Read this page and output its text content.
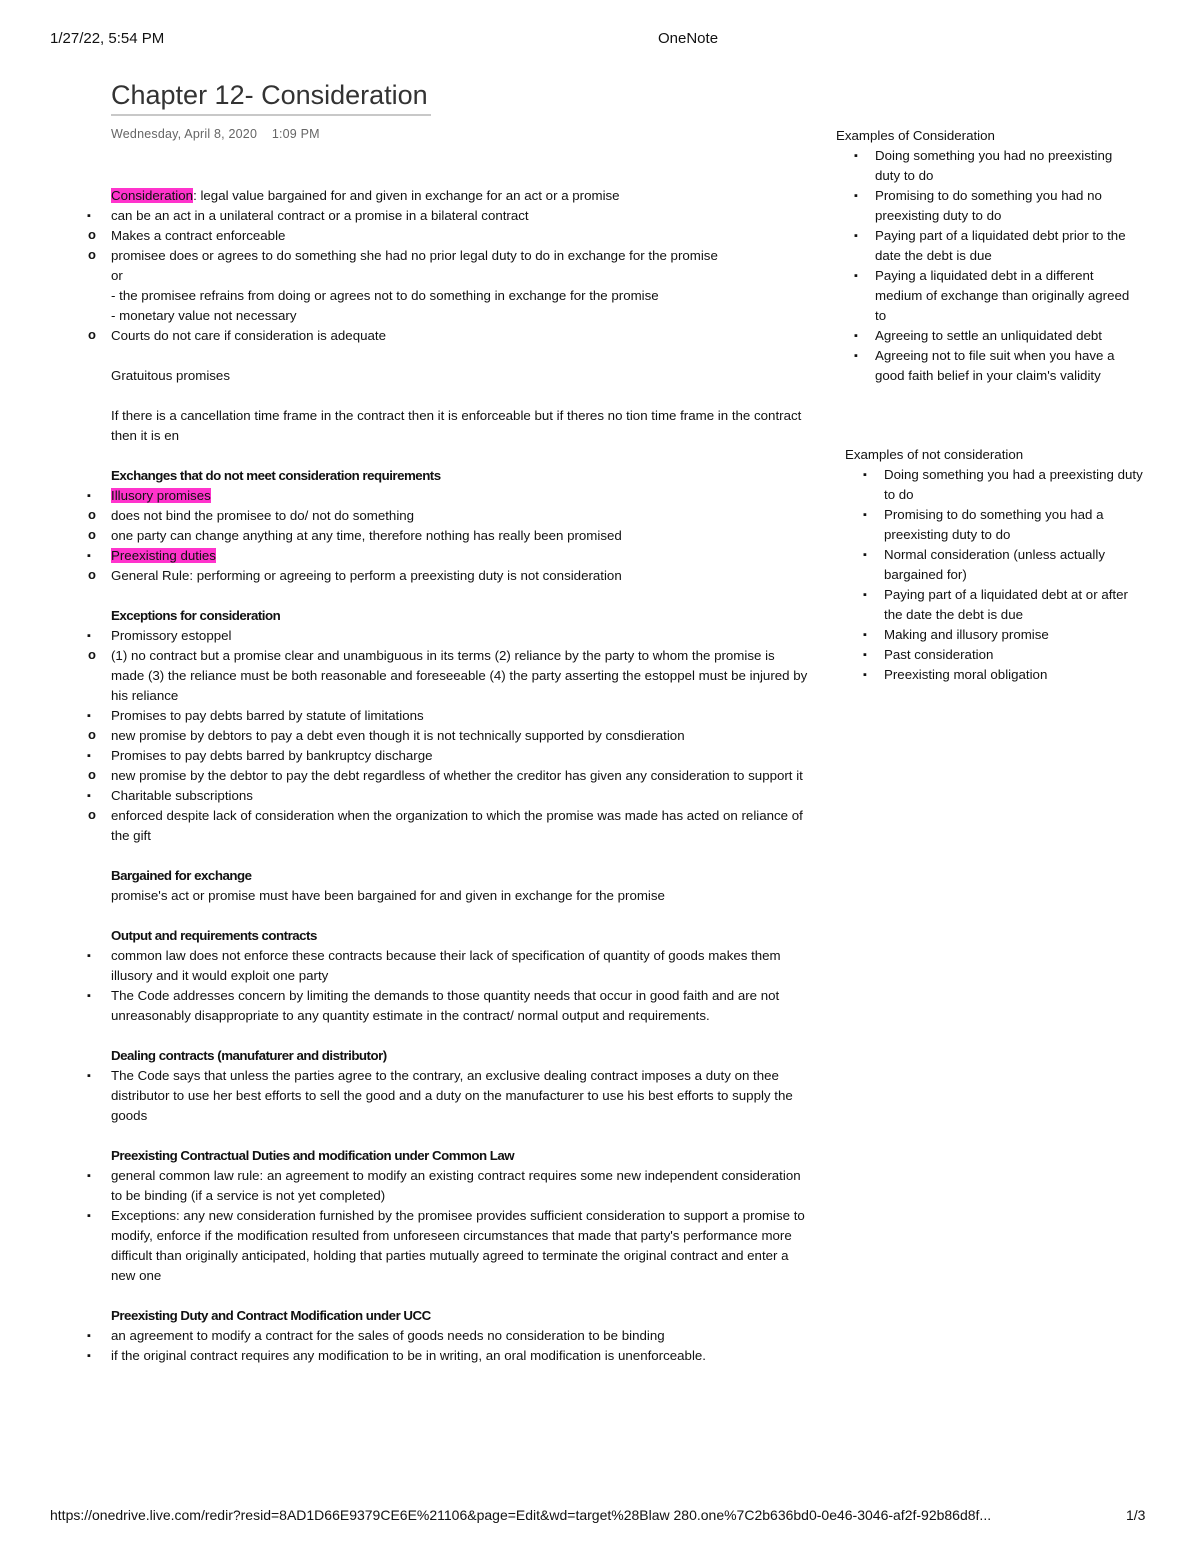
1/27/22, 5:54 PM	OneNote
Chapter 12- Consideration
Wednesday, April 8, 2020 1:09 PM

Consideration: legal value bargained for and given in exchange for an act or a promise

▪ can be an act in a unilateral contract or a promise in a bilateral contract
o Makes a contract enforceable
o promisee does or agrees to do something she had no prior legal duty to do in exchange for the promise
or
- the promisee refrains from doing or agrees not to do something in exchange for the promise
- monetary value not necessary
o Courts do not care if consideration is adequate

Gratuitous promises

If there is a cancellation time frame in the contract then it is enforceable but if theres no tion time frame in the contract then it is en

Exchanges that do not meet consideration requirements

▪ Illusory promises
o does not bind the promisee to do/ not do something
o one party can change anything at any time, therefore nothing has really been promised
▪ Preexisting duties
o General Rule: performing or agreeing to perform a preexisting duty is not consideration

Exceptions for consideration

▪ Promissory estoppel
o (1) no contract but a promise clear and unambiguous in its terms (2) reliance by the party to whom the promise is made (3) the reliance must be both reasonable and foreseeable (4) the party asserting the estoppel must be injured by his reliance
▪ Promises to pay debts barred by statute of limitations
o new promise by debtors to pay a debt even though it is not technically supported by consdieration
▪ Promises to pay debts barred by bankruptcy discharge
o new promise by the debtor to pay the debt regardless of whether the creditor has given any consideration to support it
▪ Charitable subscriptions
o enforced despite lack of consideration when the organization to which the promise was made has acted on reliance of the gift

Bargained for exchange

promise's act or promise must have been bargained for and given in exchange for the promise

Output and requirements contracts

▪ common law does not enforce these contracts because their lack of specification of quantity of goods makes them illusory and it would exploit one party
▪ The Code addresses concern by limiting the demands to those quantity needs that occur in good faith and are not unreasonably disappropriate to any quantity estimate in the contract/ normal output and requirements.

Dealing contracts (manufaturer and distributor)

▪ The Code says that unless the parties agree to the contrary, an exclusive dealing contract imposes a duty on thee distributor to use her best efforts to sell the good and a duty on the manufacturer to use his best efforts to supply the goods

Preexisting Contractual Duties and modification under Common Law

▪ general common law rule: an agreement to modify an existing contract requires some new independent consideration to be binding (if a service is not yet completed)
▪ Exceptions: any new consideration furnished by the promisee provides sufficient consideration to support a promise to modify, enforce if the modification resulted from unforeseen circumstances that made that party's performance more difficult than originally anticipated, holding that parties mutually agreed to terminate the original contract and enter a new one

Preexisting Duty and Contract Modification under UCC

▪ an agreement to modify a contract for the sales of goods needs no consideration to be binding
▪ if the original contract requires any modification to be in writing, an oral modification is unenforceable.

Examples of Consideration

▪ Doing something you had no preexisting duty to do
▪ Promising to do something you had no preexisting duty to do
▪ Paying part of a liquidated debt prior to the date the debt is due
▪ Paying a liquidated debt in a different medium of exchange than originally agreed to
▪ Agreeing to settle an unliquidated debt
▪ Agreeing not to file suit when you have a good faith belief in your claim's validity

Examples of not consideration

▪ Doing something you had a preexisting duty to do
▪ Promising to do something you had a preexisting duty to do
▪ Normal consideration (unless actually bargained for)
▪ Paying part of a liquidated debt at or after the date the debt is due
▪ Making and illusory promise
▪ Past consideration
▪ Preexisting moral obligation
https://onedrive.live.com/redir?resid=8AD1D66E9379CE6E%21106&page=Edit&wd=target%28Blaw 280.one%7C2b636bd0-0e46-3046-af2f-92b86d8f...	1/3
